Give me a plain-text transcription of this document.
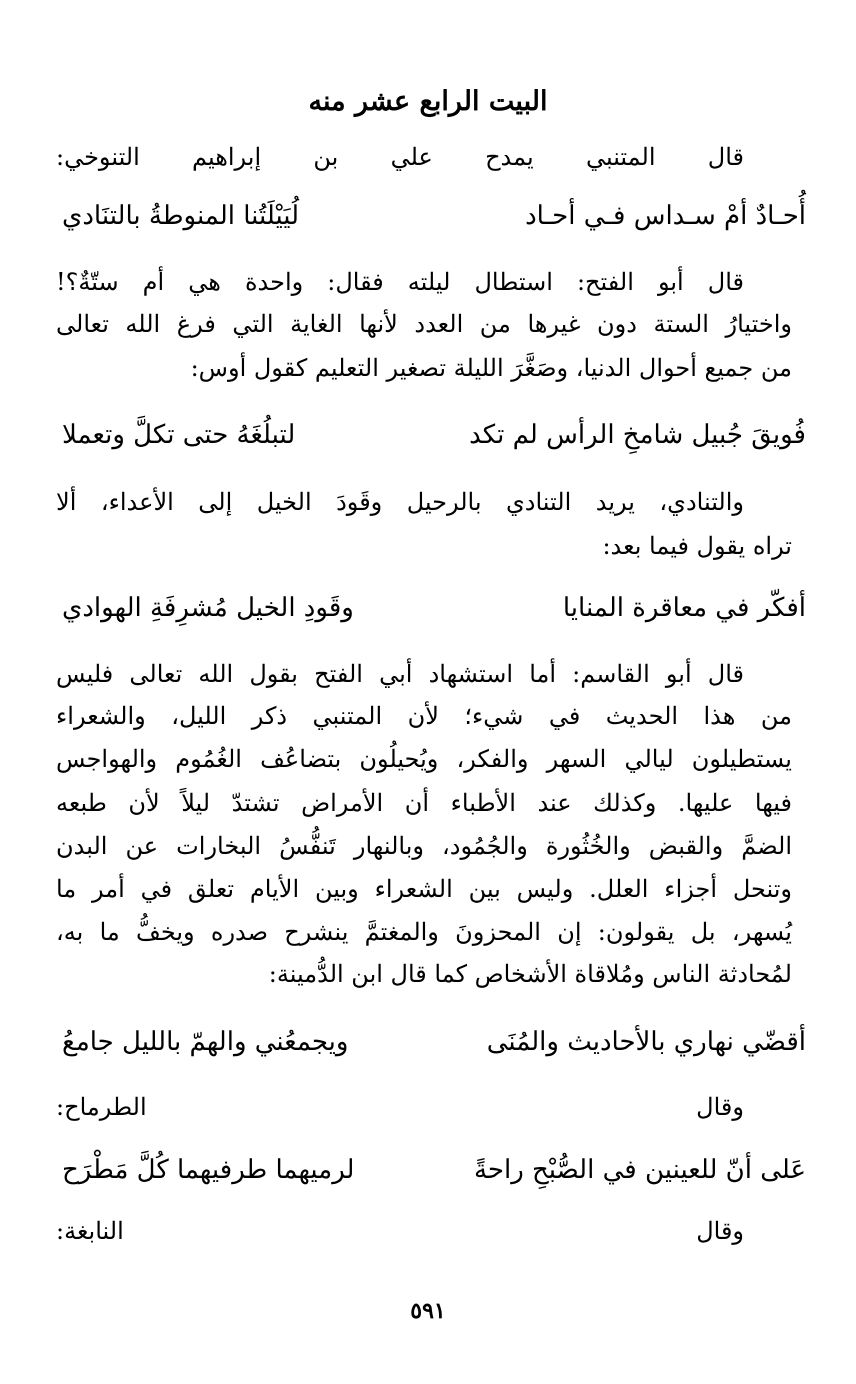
البيت الرابع عشر منه
قال المتنبي يمدح علي بن إبراهيم التنوخي:
أُحـادٌ أمْ سـداس فـي أحـاد
لُيَيْلَتُنا المنوطةُ بالتنَادي
قال أبو الفتح: استطال ليلته فقال: واحدة هي أم ستّةٌ؟!
واختيارُ الستة دون غيرها من العدد لأنها الغاية التي فرغ الله تعالى
من جميع أحوال الدنيا، وصَغَّرَ الليلة تصغير التعليم كقول أوس:
فُويقَ جُبيل شامخِ الرأس لم تكد
لتبلُغَهُ حتى تكلَّ وتعملا
والتنادي، يريد التنادي بالرحيل وقَودَ الخيل إلى الأعداء، ألا
تراه يقول فيما بعد:
أفكّر في معاقرة المنايا
وقَودِ الخيل مُشرِفَةِ الهوادي
قال أبو القاسم: أما استشهاد أبي الفتح بقول الله تعالى فليس
من هذا الحديث في شيء؛ لأن المتنبي ذكر الليل، والشعراء
يستطيلون ليالي السهر والفكر، ويُحيلُون بتضاعُف الغُمُوم والهواجس
فيها عليها. وكذلك عند الأطباء أن الأمراض تشتدّ ليلاً لأن طبعه
الضمَّ والقبض والخُثُورة والجُمُود، وبالنهار تَنفُّسُ البخارات عن البدن
وتنحل أجزاء العلل. وليس بين الشعراء وبين الأيام تعلق في أمر ما
يُسهر، بل يقولون: إن المحزونَ والمغتمَّ ينشرح صدره ويخفُّ ما به،
لمُحادثة الناس ومُلاقاة الأشخاص كما قال ابن الدُّمينة:
أقضّي نهاري بالأحاديث والمُنَى
ويجمعُني والهمّ بالليل جامعُ
وقال الطرماح:
عَلى أنّ للعينين في الصُّبْحِ راحةً
لرميهما طرفيهما كُلَّ مَطْرَح
وقال النابغة:
٥٩١
